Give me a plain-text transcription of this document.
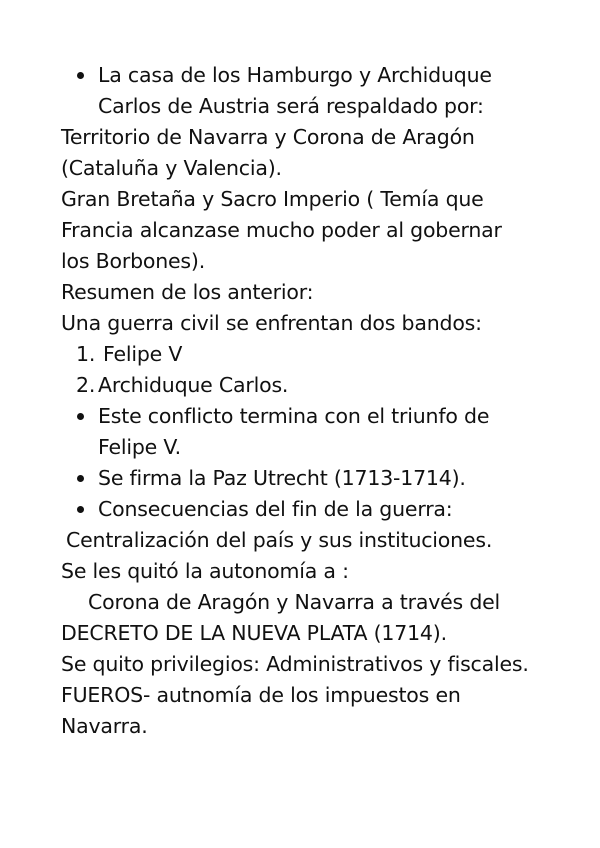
La casa de los Hamburgo y Archiduque
Carlos de Austria será respaldado por:
Territorio de Navarra y Corona de Aragón
(Cataluña y Valencia).
Gran Bretaña y Sacro Imperio ( Temía que
Francia alcanzase mucho poder al gobernar
los Borbones).
Resumen de los anterior:
Una guerra civil se enfrentan dos bandos:
1. Felipe V
2. Archiduque Carlos.
Este conflicto termina con el triunfo de
Felipe V.
Se firma la Paz Utrecht (1713-1714).
Consecuencias del fin de la guerra:
Centralización del país y sus instituciones.
Se les quitó la autonomía a :
Corona de Aragón y Navarra a través del
DECRETO DE LA NUEVA PLATA (1714).
Se quito privilegios: Administrativos y fiscales.
FUEROS- autnomía de los impuestos en
Navarra.
